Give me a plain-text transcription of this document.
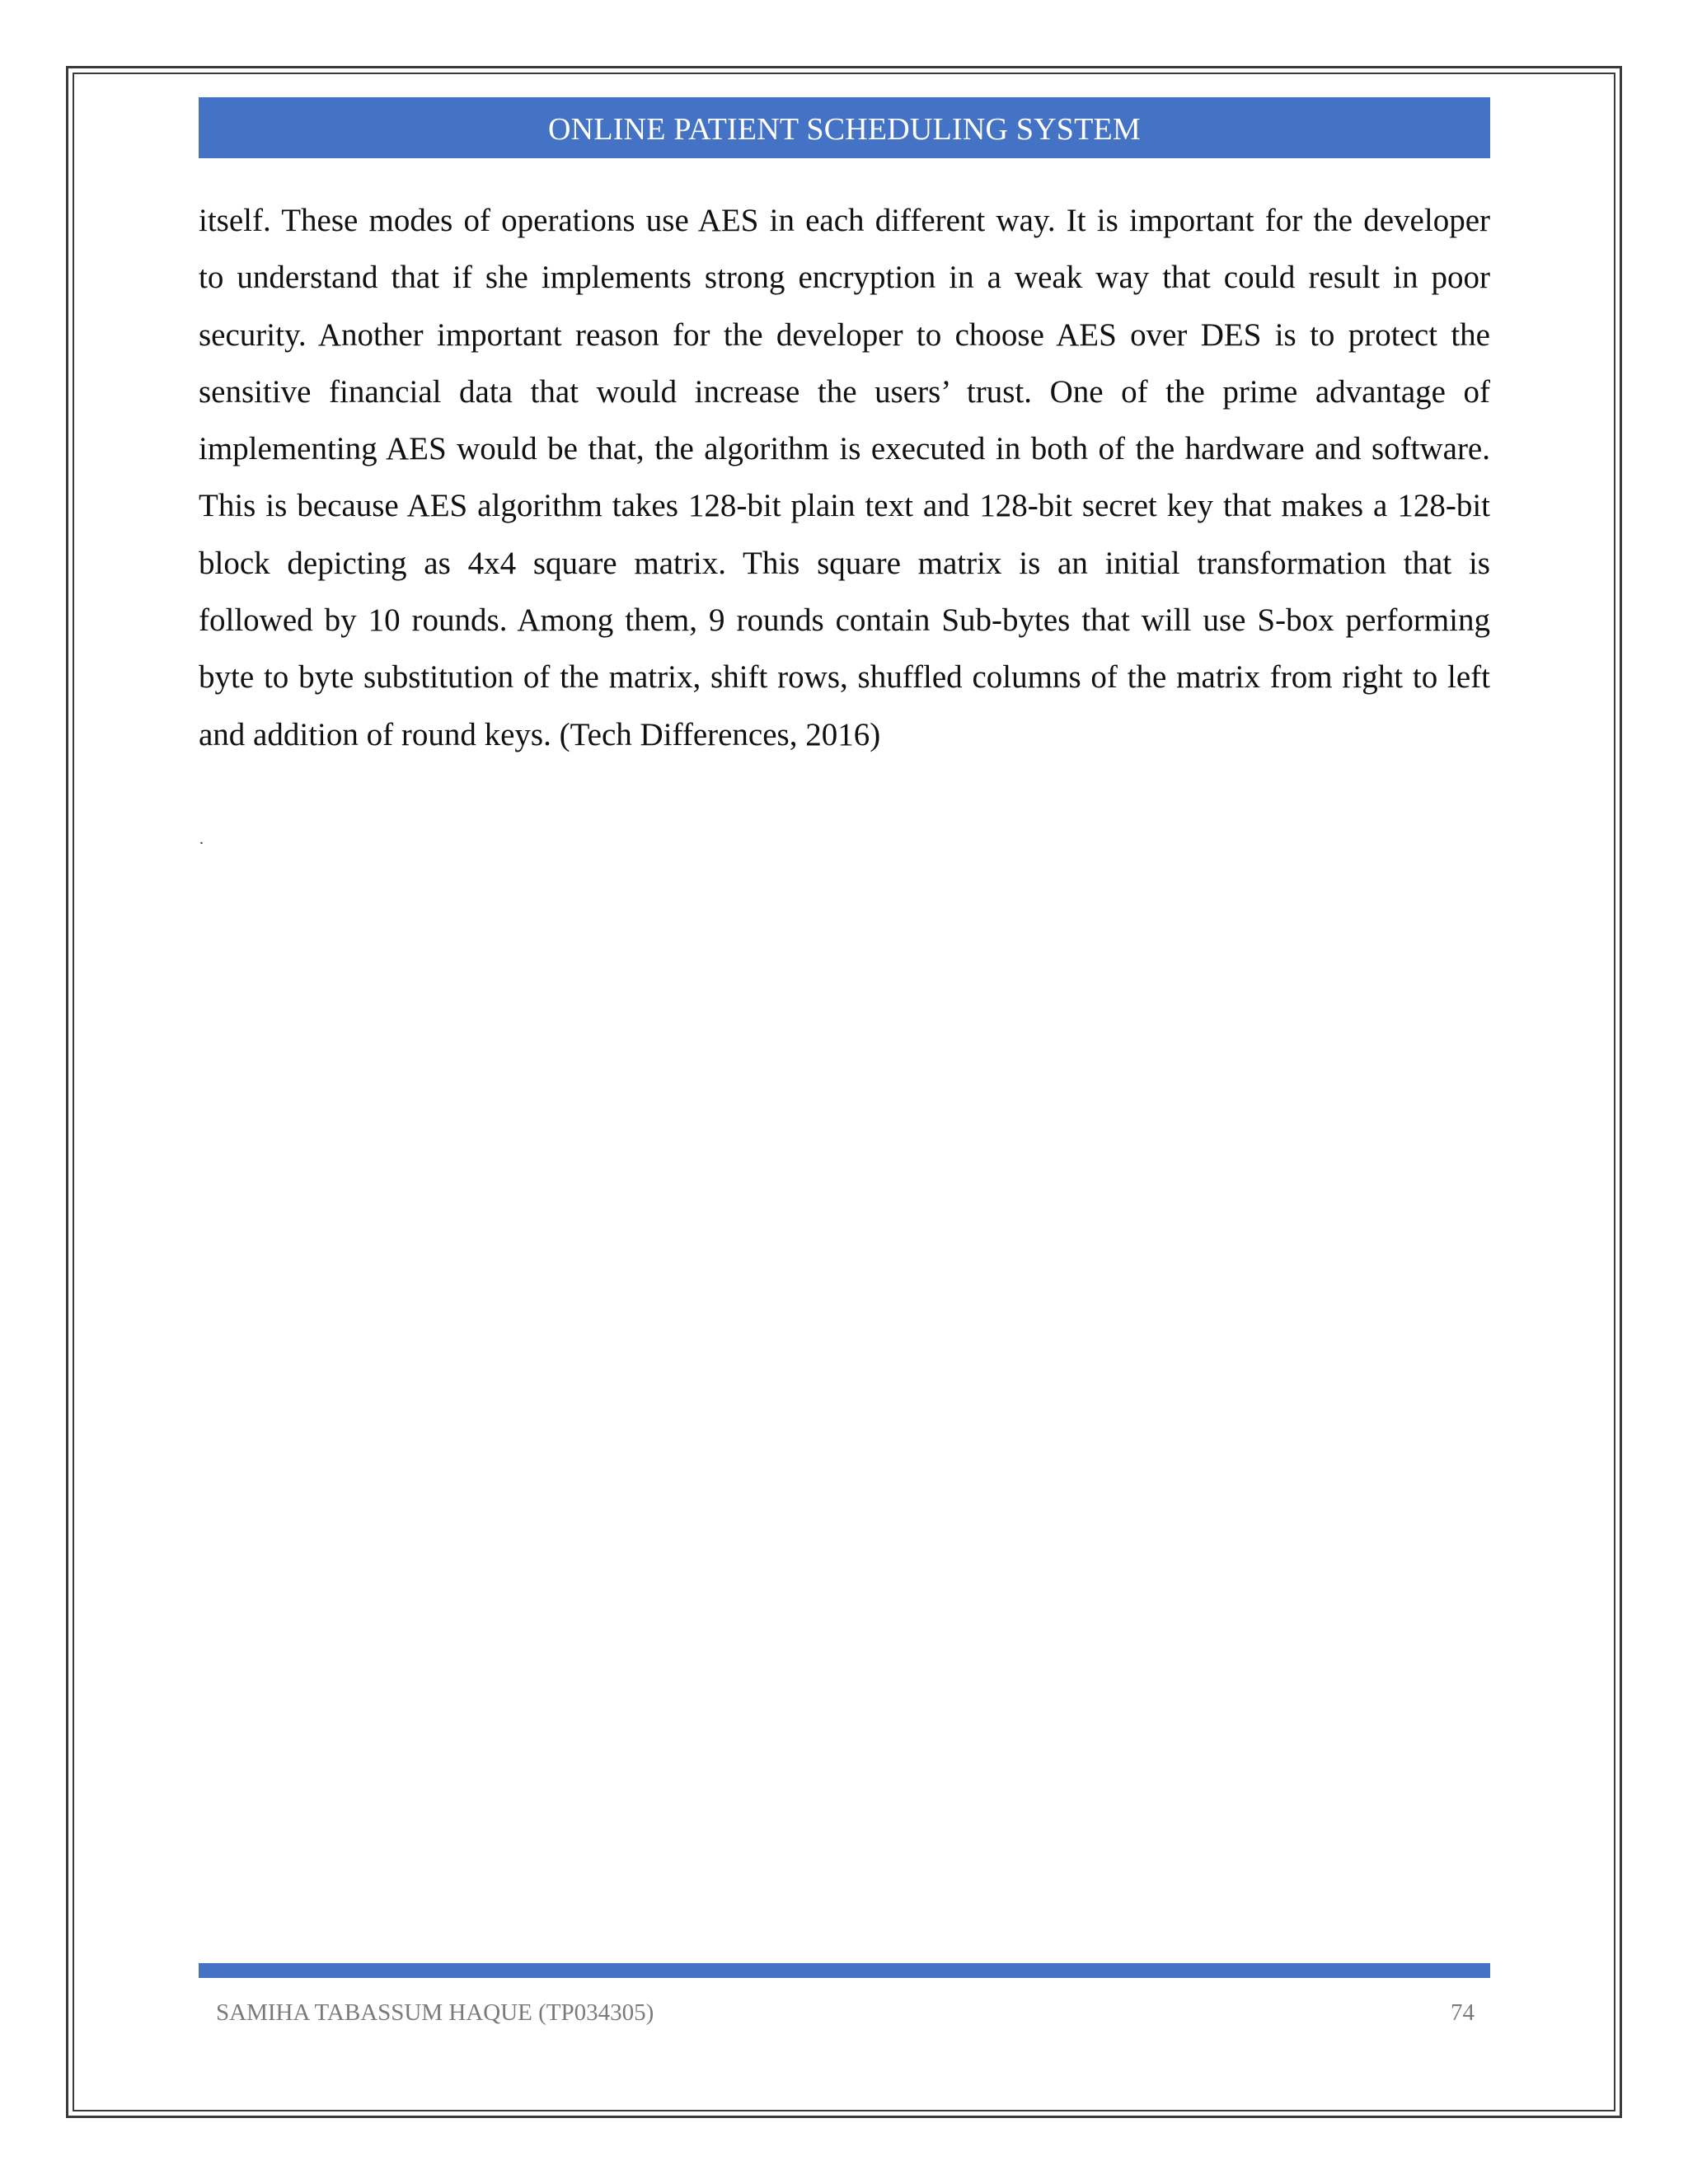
ONLINE PATIENT SCHEDULING SYSTEM
itself. These modes of operations use AES in each different way. It is important for the developer
to understand that if she implements strong encryption in a weak way that could result in poor
security. Another important reason for the developer to choose AES over DES is to protect the
sensitive financial data that would increase the users’ trust. One of the prime advantage of
implementing AES would be that, the algorithm is executed in both of the hardware and software.
This is because AES algorithm takes 128-bit plain text and 128-bit secret key that makes a 128-bit
block depicting as 4x4 square matrix. This square matrix is an initial transformation that is
followed by 10 rounds. Among them, 9 rounds contain Sub-bytes that will use S-box performing
byte to byte substitution of the matrix, shift rows, shuffled columns of the matrix from right to left
and addition of round keys. (Tech Differences, 2016)
.
SAMIHA TABASSUM HAQUE (TP034305)	74
